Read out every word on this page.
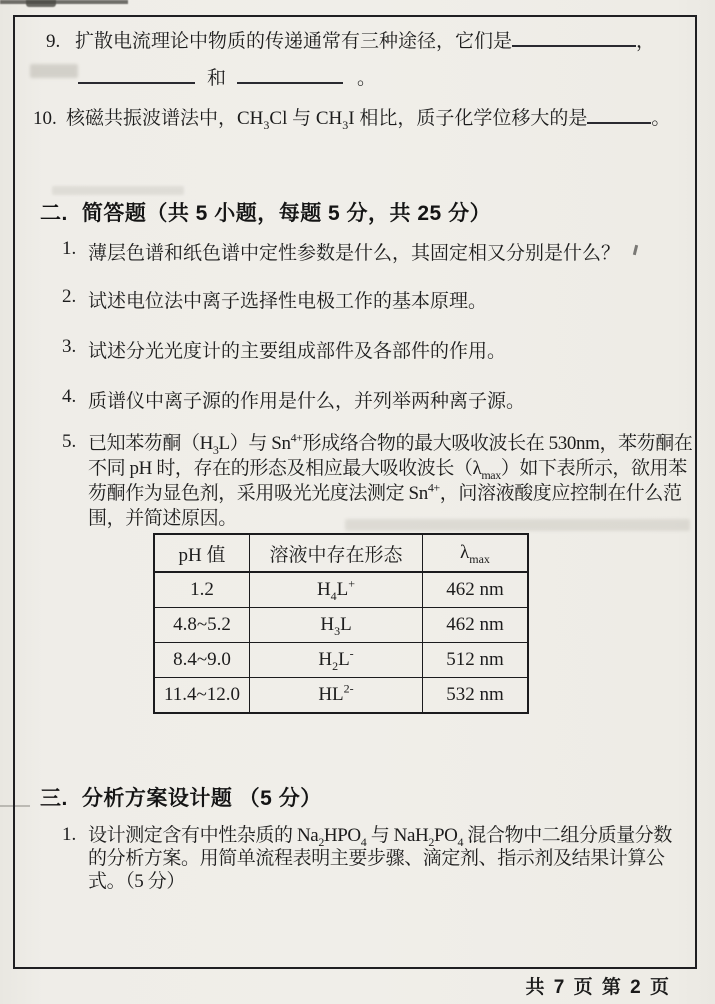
9. 扩散电流理论中物质的传递通常有三种途径，它们是	，
和	。
10. 核磁共振波谱法中，$CH_3Cl$ 与 $CH_3I$ 相比，质子化学位移大的是	。
二. 简答题（共 5 小题，每题 5 分，共 25 分）
1. 薄层色谱和纸色谱中定性参数是什么，其固定相又分别是什么？
2. 试述电位法中离子选择性电极工作的基本原理。
3. 试述分光光度计的主要组成部件及各部件的作用。
4. 质谱仪中离子源的作用是什么，并列举两种离子源。
5. 已知苯芴酮$(H_3L)$与 $Sn^{4+}$形成络合物的最大吸收波长在 530nm，苯芴酮在
不同 pH 时，存在的形态及相应最大吸收波长$(\lambda_{max})$如下表所示，欲用苯
芴酮作为显色剂，采用吸光光度法测定 $Sn^{4+}$，问溶液酸度应控制在什么范
围，并简述原因。
pH 值	溶液中存在形态	$\lambda_{max}$
1.2	$H_4L^+$	462 nm
4.8~5.2	$H_3L$	462 nm
8.4~9.0	$H_2L^-$	512 nm
11.4~12.0	$HL^{2-}$	532 nm
三. 分析方案设计题 （5 分）
1. 设计测定含有中性杂质的 $Na_2HPO_4$ 与 $NaH_2PO_4$ 混合物中二组分质量分数
的分析方案。用简单流程表明主要步骤、滴定剂、指示剂及结果计算公
式。（5 分）
共 7 页 第 2 页
